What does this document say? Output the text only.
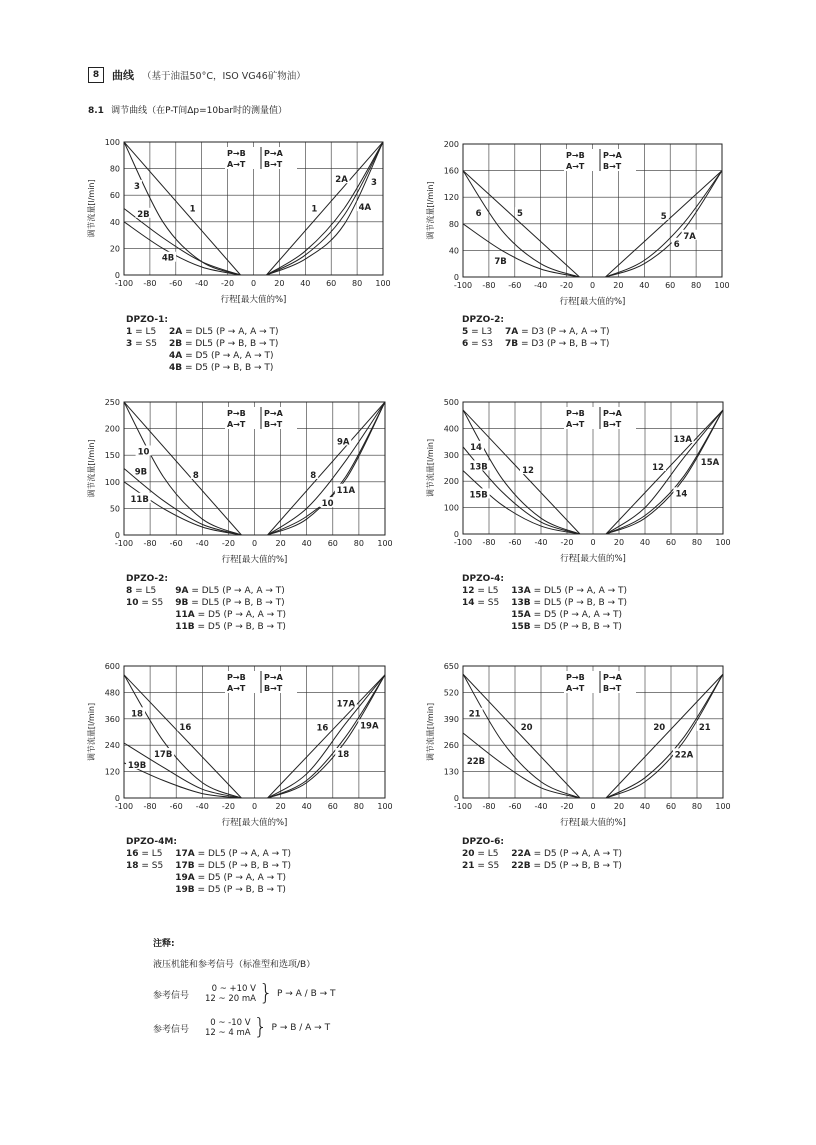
8	曲线 （基于油温50°C，ISO VG46矿物油）
8.1 调节曲线（在P-T间Δp=10bar时的测量值）
0
20
40
60
80
100
-100 -80 -60 -40 -20 0 20 40 60 80 100
行程[最大值的%]
调节流量[l/min]
P→B
A→T
P→A
B→T
3
2B
1
4B
2A	3
1	4A
0
40
80
120
160
200
-100 -80 -60 -40 -20 0 20 40 60 80 100
行程[最大值的%]
调节流量[l/min]
P→B
A→T
P→A
B→T
6	5
7B
5
7A
6
0
50
100
150
200
250
-100 -80 -60 -40 -20 0 20 40 60 80 100
行程[最大值的%]
调节流量[l/min]
P→B
A→T
P→A
B→T
10
9B	8
11B
9A
8
11A
10
0
100
200
300
400
500
-100 -80 -60 -40 -20 0 20 40 60 80 100
行程[最大值的%]
调节流量[l/min]
P→B
A→T
P→A
B→T
14
13B	12
15B
13A
12	15A
14
0
120
240
360
480
600
-100 -80 -60 -40 -20 0 20 40 60 80 100
行程[最大值的%]
调节流量[l/min]
P→B
A→T
P→A
B→T
18
16
17B
19B
17A
16	19A
18
0
130
260
390
520
650
-100 -80 -60 -40 -20 0 20 40 60 80 100
行程[最大值的%]
调节流量[l/min]
P→B
A→T
P→A
B→T
21
20
22B
20	21
22A
DPZO-1:
1 = L5	2A = DL5 (P → A, A → T)
3 = S5	2B = DL5 (P → B, B → T)
	4A = D5 (P → A, A → T)
	4B = D5 (P → B, B → T)
DPZO-2:
5 = L3	7A = D3 (P → A, A → T)
6 = S3	7B = D3 (P → B, B → T)
DPZO-2:
8 = L5	9A = DL5 (P → A, A → T)
10 = S5	9B = DL5 (P → B, B → T)
	11A = D5 (P → A, A → T)
	11B = D5 (P → B, B → T)
DPZO-4:
12 = L5	13A = DL5 (P → A, A → T)
14 = S5	13B = DL5 (P → B, B → T)
	15A = D5 (P → A, A → T)
	15B = D5 (P → B, B → T)
DPZO-4M:
16 = L5	17A = DL5 (P → A, A → T)
18 = S5	17B = DL5 (P → B, B → T)
	19A = D5 (P → A, A → T)
	19B = D5 (P → B, B → T)
DPZO-6:
20 = L5	22A = D5 (P → A, A → T)
21 = S5	22B = D5 (P → B, B → T)
注释:
液压机能和参考信号（标准型和选项/B）
参考信号
0 ~ +10 V
12 ~ 20 mA } P → A / B → T
参考信号
0 ~ -10 V
12 ~ 4 mA } P → B / A → T
